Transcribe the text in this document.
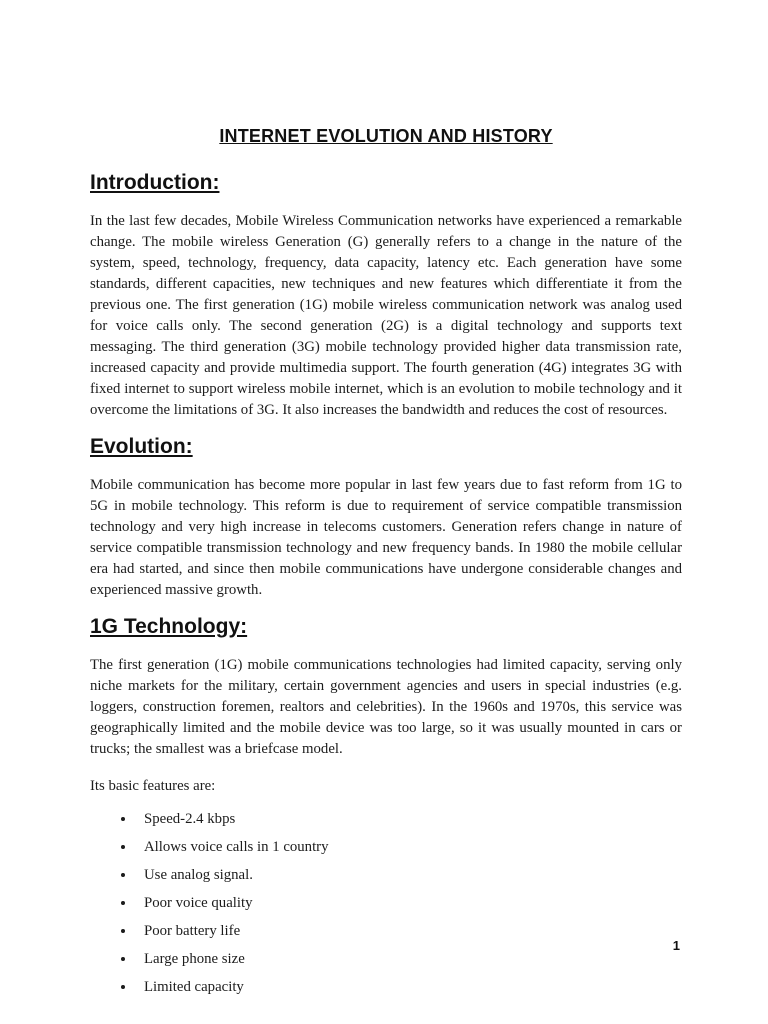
INTERNET EVOLUTION AND HISTORY
Introduction:

In the last few decades, Mobile Wireless Communication networks have experienced a remarkable change. The mobile wireless Generation (G) generally refers to a change in the nature of the system, speed, technology, frequency, data capacity, latency etc. Each generation have some standards, different capacities, new techniques and new features which differentiate it from the previous one. The first generation (1G) mobile wireless communication network was analog used for voice calls only. The second generation (2G) is a digital technology and supports text messaging. The third generation (3G) mobile technology provided higher data transmission rate, increased capacity and provide multimedia support. The fourth generation (4G) integrates 3G with fixed internet to support wireless mobile internet, which is an evolution to mobile technology and it overcome the limitations of 3G. It also increases the bandwidth and reduces the cost of resources.

Evolution:

Mobile communication has become more popular in last few years due to fast reform from 1G to 5G in mobile technology. This reform is due to requirement of service compatible transmission technology and very high increase in telecoms customers. Generation refers change in nature of service compatible transmission technology and new frequency bands. In 1980 the mobile cellular era had started, and since then mobile communications have undergone considerable changes and experienced massive growth.

1G Technology:

The first generation (1G) mobile communications technologies had limited capacity, serving only niche markets for the military, certain government agencies and users in special industries (e.g. loggers, construction foremen, realtors and celebrities). In the 1960s and 1970s, this service was geographically limited and the mobile device was too large, so it was usually mounted in cars or trucks; the smallest was a briefcase model.

Its basic features are:

• Speed-2.4 kbps
• Allows voice calls in 1 country
• Use analog signal.
• Poor voice quality
• Poor battery life
• Large phone size
• Limited capacity
1
